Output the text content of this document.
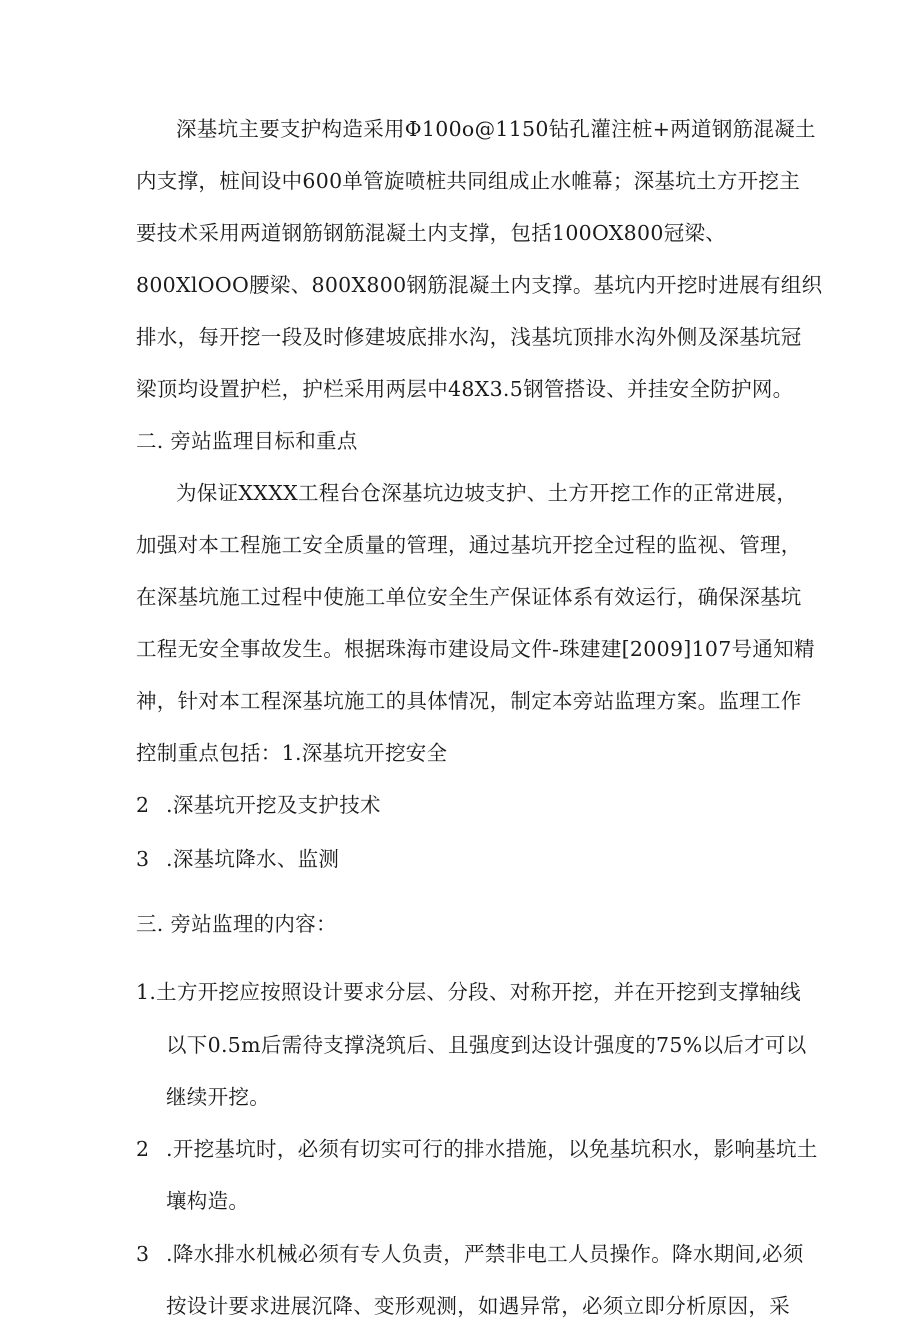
深基坑主要支护构造采用Φ100o@1150钻孔灌注桩+两道钢筋混凝土
内支撑，桩间设中600单管旋喷桩共同组成止水帷幕；深基坑土方开挖主
要技术采用两道钢筋钢筋混凝土内支撑，包括100OX800冠梁、
800XlOOO腰梁、800X800钢筋混凝土内支撑。基坑内开挖时进展有组织
排水，每开挖一段及时修建坡底排水沟，浅基坑顶排水沟外侧及深基坑冠
梁顶均设置护栏，护栏采用两层中48X3.5钢管搭设、并挂安全防护网。
二. 旁站监理目标和重点
为保证XXXX工程台仓深基坑边坡支护、土方开挖工作的正常进展，
加强对本工程施工安全质量的管理，通过基坑开挖全过程的监视、管理，
在深基坑施工过程中使施工单位安全生产保证体系有效运行，确保深基坑
工程无安全事故发生。根据珠海市建设局文件-珠建建[2009]107号通知精
神，针对本工程深基坑施工的具体情况，制定本旁站监理方案。监理工作
控制重点包括：1.深基坑开挖安全
2 .深基坑开挖及支护技术
3 .深基坑降水、监测
三. 旁站监理的内容：
1.土方开挖应按照设计要求分层、分段、对称开挖，并在开挖到支撑轴线
以下0.5m后需待支撑浇筑后、且强度到达设计强度的75%以后才可以
继续开挖。
2 .开挖基坑时，必须有切实可行的排水措施，以免基坑积水，影响基坑土
壤构造。
3 .降水排水机械必须有专人负责，严禁非电工人员操作。降水期间,必须
按设计要求进展沉降、变形观测，如遇异常，必须立即分析原因，采
